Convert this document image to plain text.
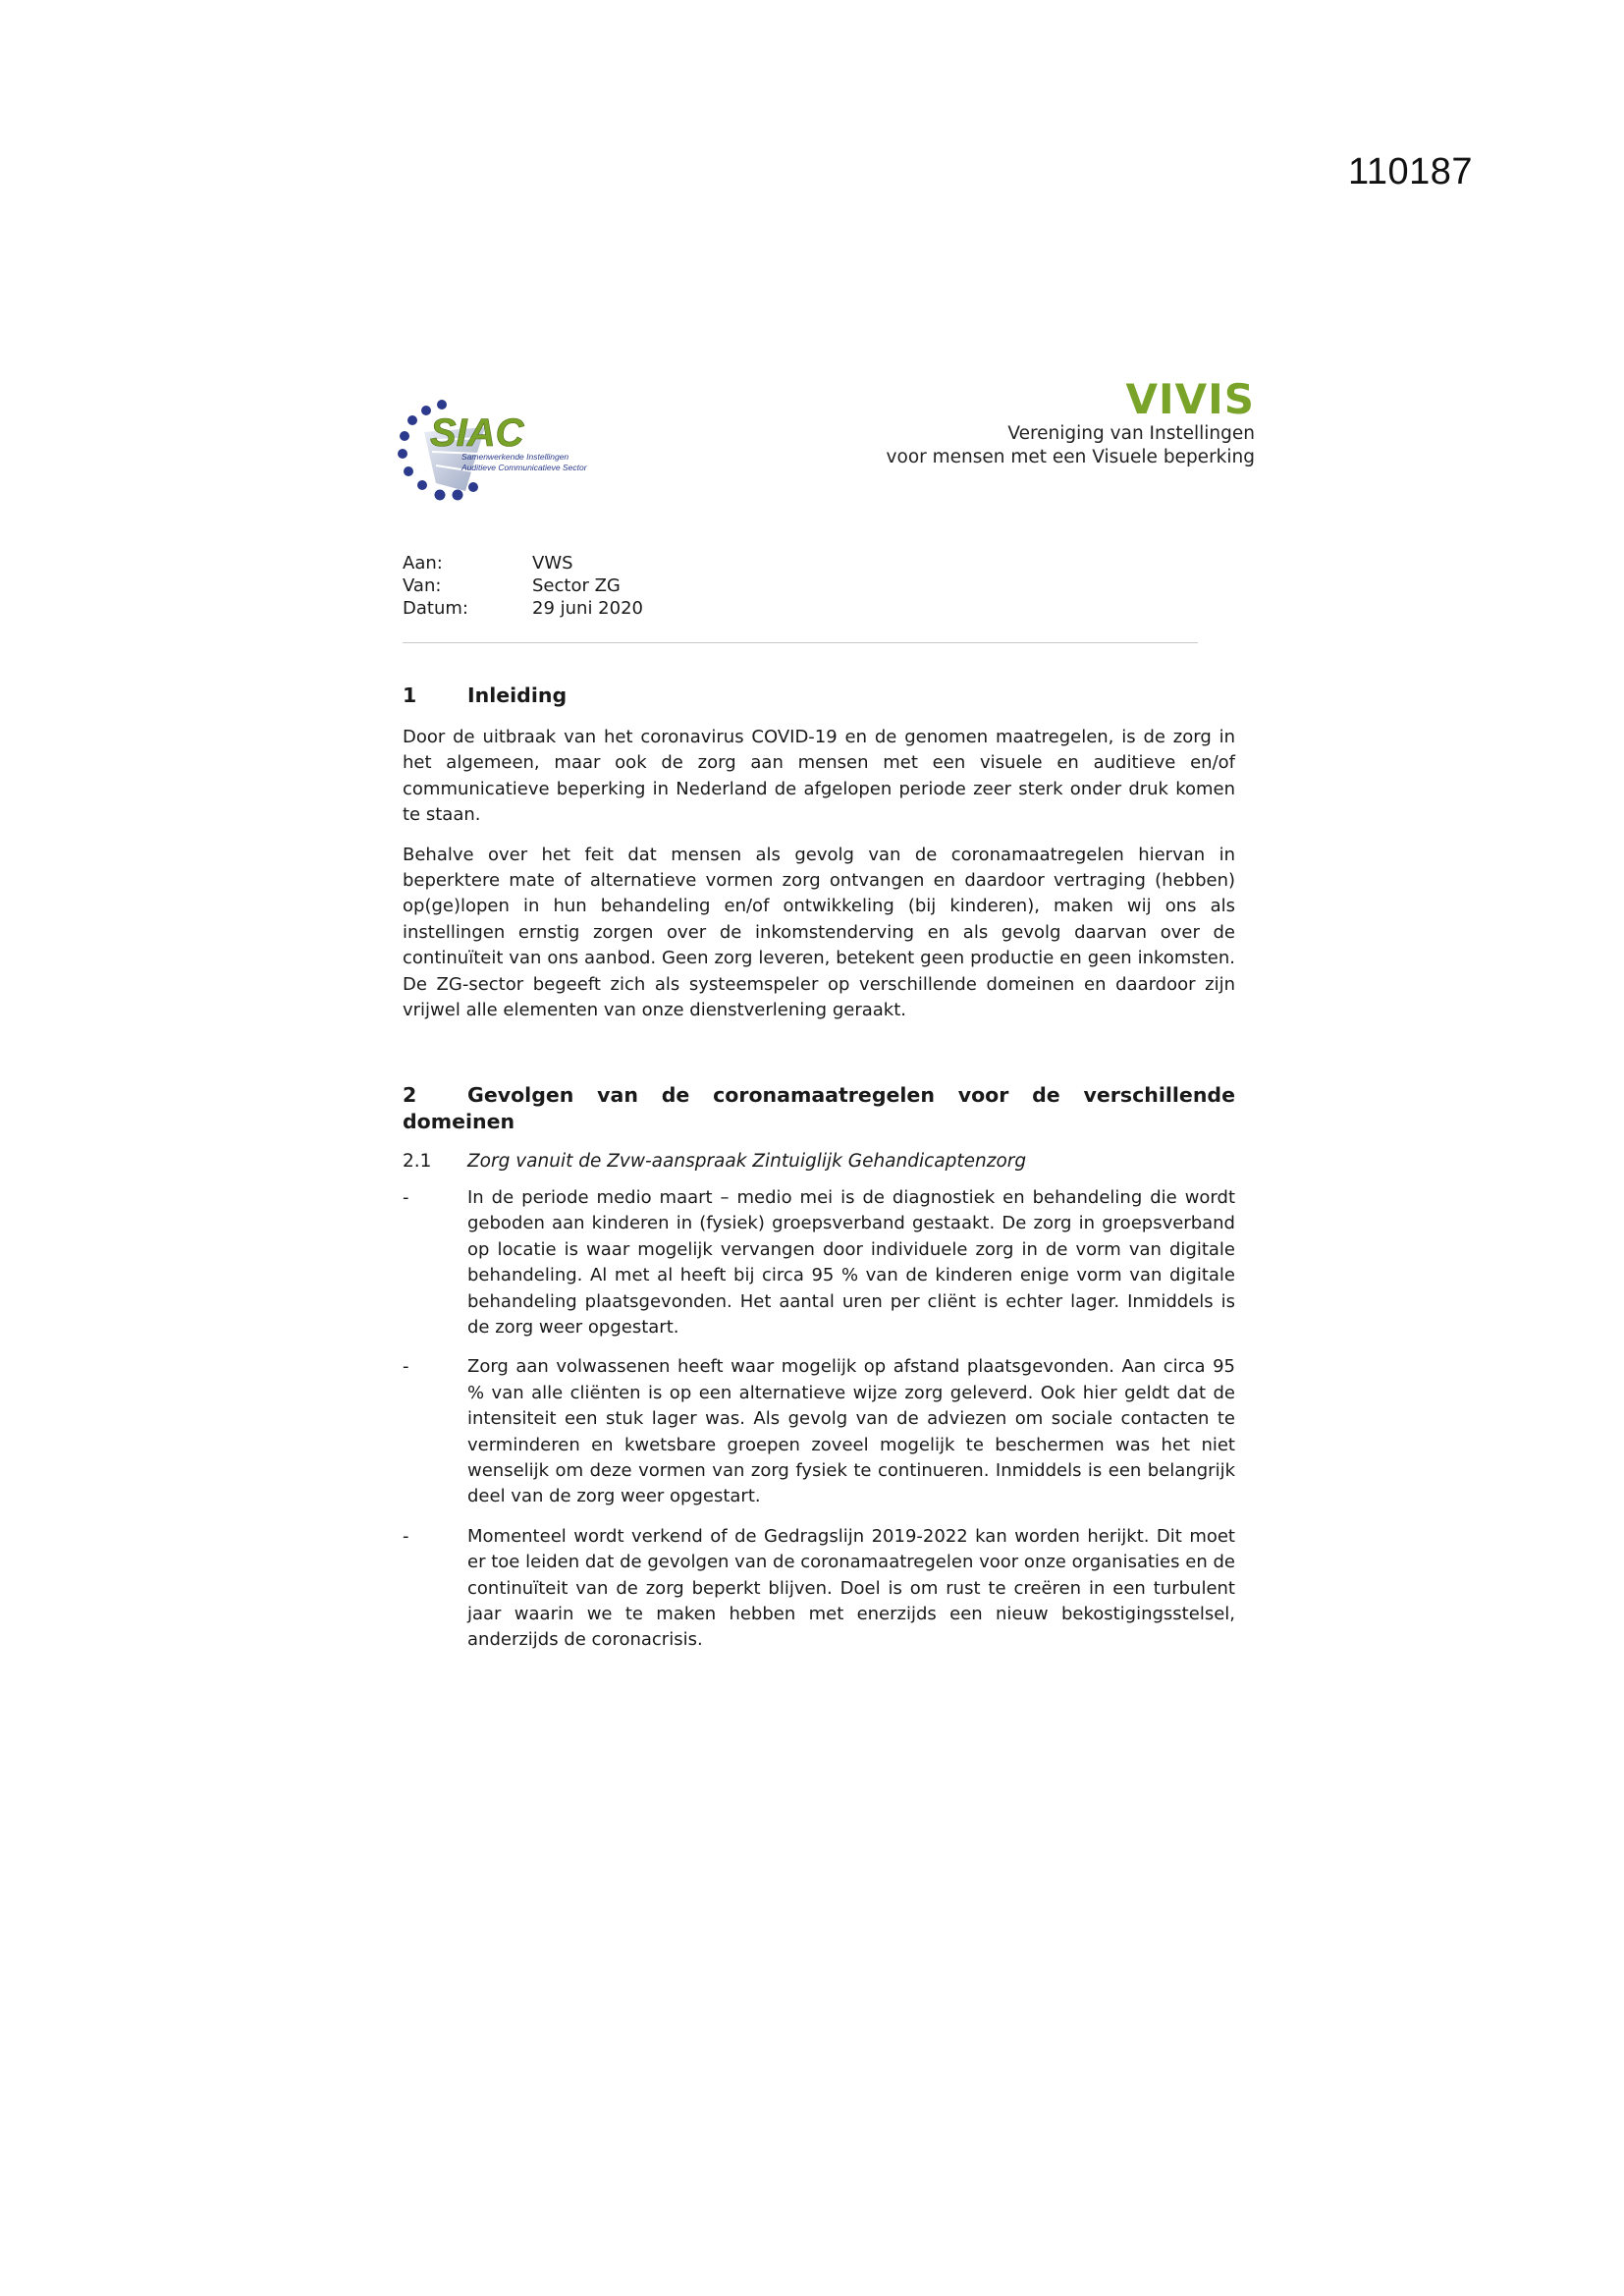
110187
SIAC
Samenwerkende Instellingen
Auditieve Communicatieve Sector
VIVIS
Vereniging van Instellingen
voor mensen met een Visuele beperking
Aan:	VWS
Van:	Sector ZG
Datum:	29 juni 2020
1	Inleiding

Door de uitbraak van het coronavirus COVID-19 en de genomen maatregelen, is de zorg in het algemeen, maar ook de zorg aan mensen met een visuele en auditieve en/of communicatieve beperking in Nederland de afgelopen periode zeer sterk onder druk komen te staan.

Behalve over het feit dat mensen als gevolg van de coronamaatregelen hiervan in beperktere mate of alternatieve vormen zorg ontvangen en daardoor vertraging (hebben) op(ge)lopen in hun behandeling en/of ontwikkeling (bij kinderen), maken wij ons als instellingen ernstig zorgen over de inkomstenderving en als gevolg daarvan over de continuïteit van ons aanbod. Geen zorg leveren, betekent geen productie en geen inkomsten. De ZG-sector begeeft zich als systeemspeler op verschillende domeinen en daardoor zijn vrijwel alle elementen van onze dienstverlening geraakt.

2	Gevolgen van de coronamaatregelen voor de verschillende
domeinen
2.1	Zorg vanuit de Zvw-aanspraak Zintuiglijk Gehandicaptenzorg
-	In de periode medio maart – medio mei is de diagnostiek en behandeling die wordt geboden aan kinderen in (fysiek) groepsverband gestaakt. De zorg in groepsverband op locatie is waar mogelijk vervangen door individuele zorg in de vorm van digitale behandeling. Al met al heeft bij circa 95 % van de kinderen enige vorm van digitale behandeling plaatsgevonden. Het aantal uren per cliënt is echter lager. Inmiddels is de zorg weer opgestart.
-	Zorg aan volwassenen heeft waar mogelijk op afstand plaatsgevonden. Aan circa 95 % van alle cliënten is op een alternatieve wijze zorg geleverd. Ook hier geldt dat de intensiteit een stuk lager was. Als gevolg van de adviezen om sociale contacten te verminderen en kwetsbare groepen zoveel mogelijk te beschermen was het niet wenselijk om deze vormen van zorg fysiek te continueren. Inmiddels is een belangrijk deel van de zorg weer opgestart.
-	Momenteel wordt verkend of de Gedragslijn 2019-2022 kan worden herijkt. Dit moet er toe leiden dat de gevolgen van de coronamaatregelen voor onze organisaties en de continuïteit van de zorg beperkt blijven. Doel is om rust te creëren in een turbulent jaar waarin we te maken hebben met enerzijds een nieuw bekostigingsstelsel, anderzijds de coronacrisis.
